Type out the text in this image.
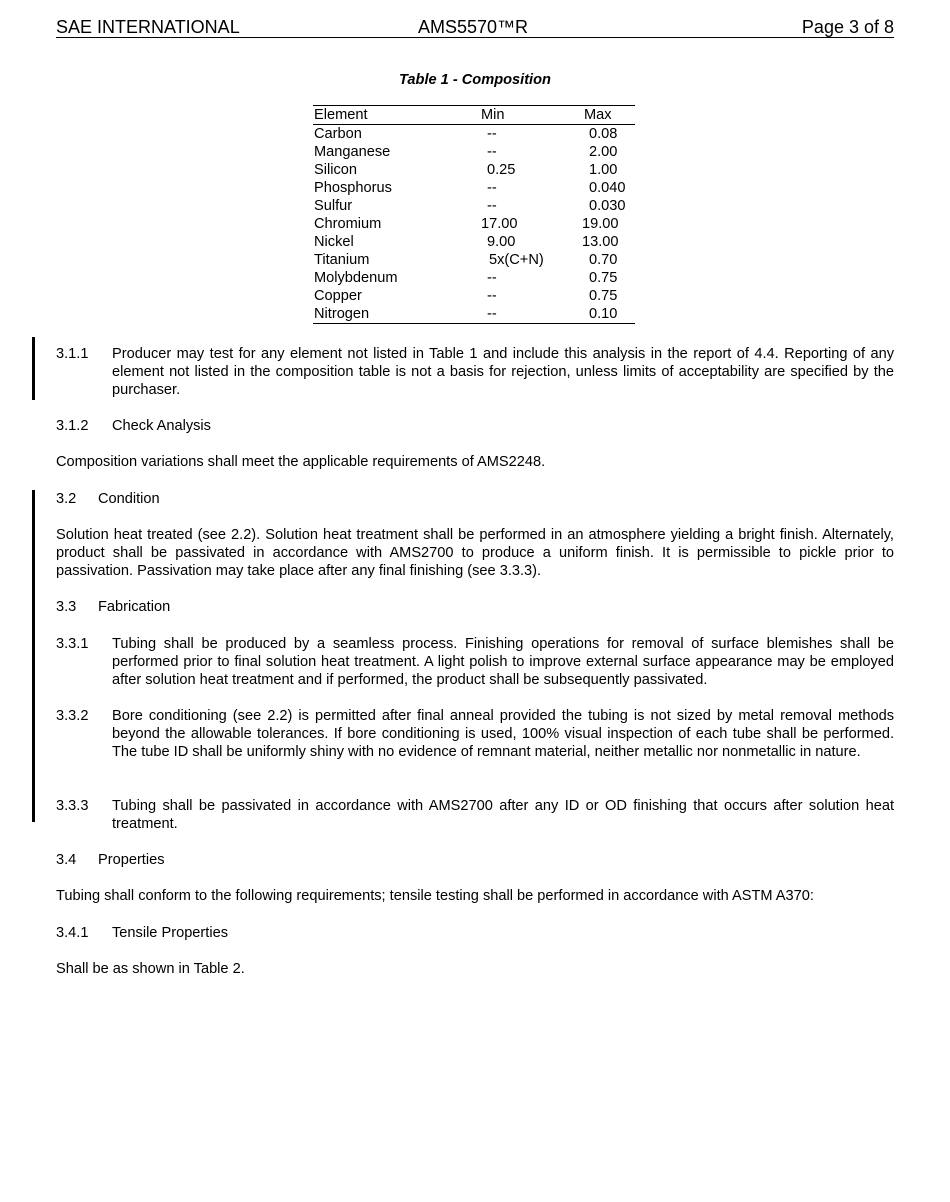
SAE INTERNATIONAL	AMS5570™R	Page 3 of 8
Table 1 - Composition
Element	Min	Max
Carbon	--	0.08
Manganese	--	2.00
Silicon	0.25	1.00
Phosphorus	--	0.040
Sulfur	--	0.030
Chromium	17.00	19.00
Nickel	9.00	13.00
Titanium	5x(C+N)	0.70
Molybdenum	--	0.75
Copper	--	0.75
Nitrogen	--	0.10
3.1.1 Producer may test for any element not listed in Table 1 and include this analysis in the report of 4.4. Reporting of any element not listed in the composition table is not a basis for rejection, unless limits of acceptability are specified by the purchaser.
3.1.2 Check Analysis

Composition variations shall meet the applicable requirements of AMS2248.

3.2 Condition

Solution heat treated (see 2.2). Solution heat treatment shall be performed in an atmosphere yielding a bright finish. Alternately, product shall be passivated in accordance with AMS2700 to produce a uniform finish. It is permissible to pickle prior to passivation. Passivation may take place after any final finishing (see 3.3.3).

3.3 Fabrication
3.3.1 Tubing shall be produced by a seamless process. Finishing operations for removal of surface blemishes shall be performed prior to final solution heat treatment. A light polish to improve external surface appearance may be employed after solution heat treatment and if performed, the product shall be subsequently passivated.
3.3.2 Bore conditioning (see 2.2) is permitted after final anneal provided the tubing is not sized by metal removal methods beyond the allowable tolerances. If bore conditioning is used, 100% visual inspection of each tube shall be performed. The tube ID shall be uniformly shiny with no evidence of remnant material, neither metallic nor nonmetallic in nature.
3.3.3 Tubing shall be passivated in accordance with AMS2700 after any ID or OD finishing that occurs after solution heat treatment.
3.4 Properties

Tubing shall conform to the following requirements; tensile testing shall be performed in accordance with ASTM A370:

3.4.1 Tensile Properties

Shall be as shown in Table 2.
